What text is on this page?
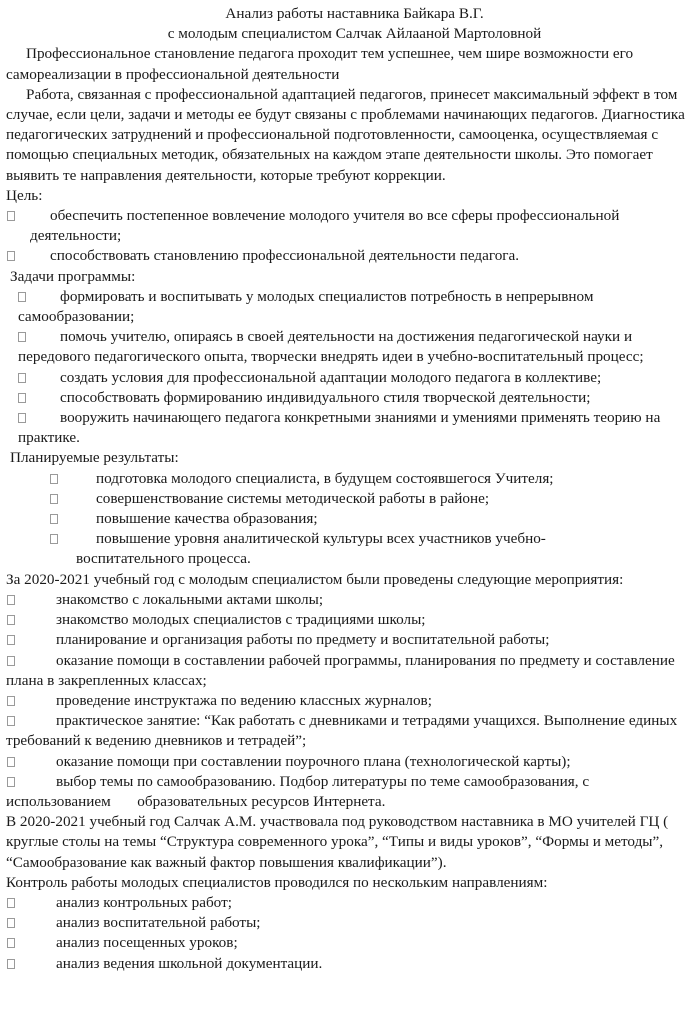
Анализ работы наставника Байкара В.Г.

с молодым специалистом Салчак Айлааной Мартоловной

Профессиональное становление педагога проходит тем успешнее, чем шире возможности его самореализации в профессиональной деятельности

Работа, связанная с профессиональной адаптацией педагогов, принесет максимальный эффект в том случае, если цели, задачи и методы ее будут связаны с проблемами начинающих педагогов. Диагностика педагогических затруднений и профессиональной подготовленности, самооценка, осуществляемая с помощью специальных методик, обязательных на каждом этапе деятельности школы. Это помогает выявить те направления деятельности, которые требуют коррекции.

Цель:

обеспечить постепенное вовлечение молодого учителя во все сферы профессиональной деятельности;
способствовать становлению профессиональной деятельности педагога.

Задачи программы:

формировать и воспитывать у молодых специалистов потребность в непрерывном самообразовании;
помочь учителю, опираясь в своей деятельности на достижения педагогической науки и передового педагогического опыта, творчески внедрять идеи в учебно-воспитательный процесс;
создать условия для профессиональной адаптации молодого педагога в коллективе;
способствовать формированию индивидуального стиля творческой деятельности;
вооружить начинающего педагога конкретными знаниями и умениями применять теорию на практике.

Планируемые результаты:

подготовка молодого специалиста, в будущем состоявшегося Учителя;
совершенствование системы методической работы в районе;
повышение качества образования;
повышение уровня аналитической культуры всех участников учебно-воспитательного процесса.

За 2020-2021 учебный год с молодым специалистом были проведены следующие мероприятия:

знакомство с локальными актами школы;
знакомство молодых специалистов с традициями школы;
планирование и организация работы по предмету и воспитательной работы;
оказание помощи в составлении рабочей программы, планирования по предмету и составление плана в закрепленных классах;
проведение инструктажа по ведению классных журналов;
практическое занятие: “Как работать с дневниками и тетрадями учащихся. Выполнение единых требований к ведению дневников и тетрадей”;
оказание помощи при составлении поурочного плана (технологической карты);
выбор темы по самообразованию. Подбор литературы по теме самообразования, с использованием       образовательных ресурсов Интернета.

В 2020-2021 учебный год Салчак А.М. участвовала под руководством наставника в МО учителей ГЦ ( круглые столы на темы “Структура современного урока”, “Типы и виды уроков”, “Формы и методы”, “Самообразование как важный фактор повышения квалификации”).

Контроль работы молодых специалистов проводился по нескольким направлениям:

анализ контрольных работ;
анализ воспитательной работы;
анализ посещенных уроков;
анализ ведения школьной документации.
